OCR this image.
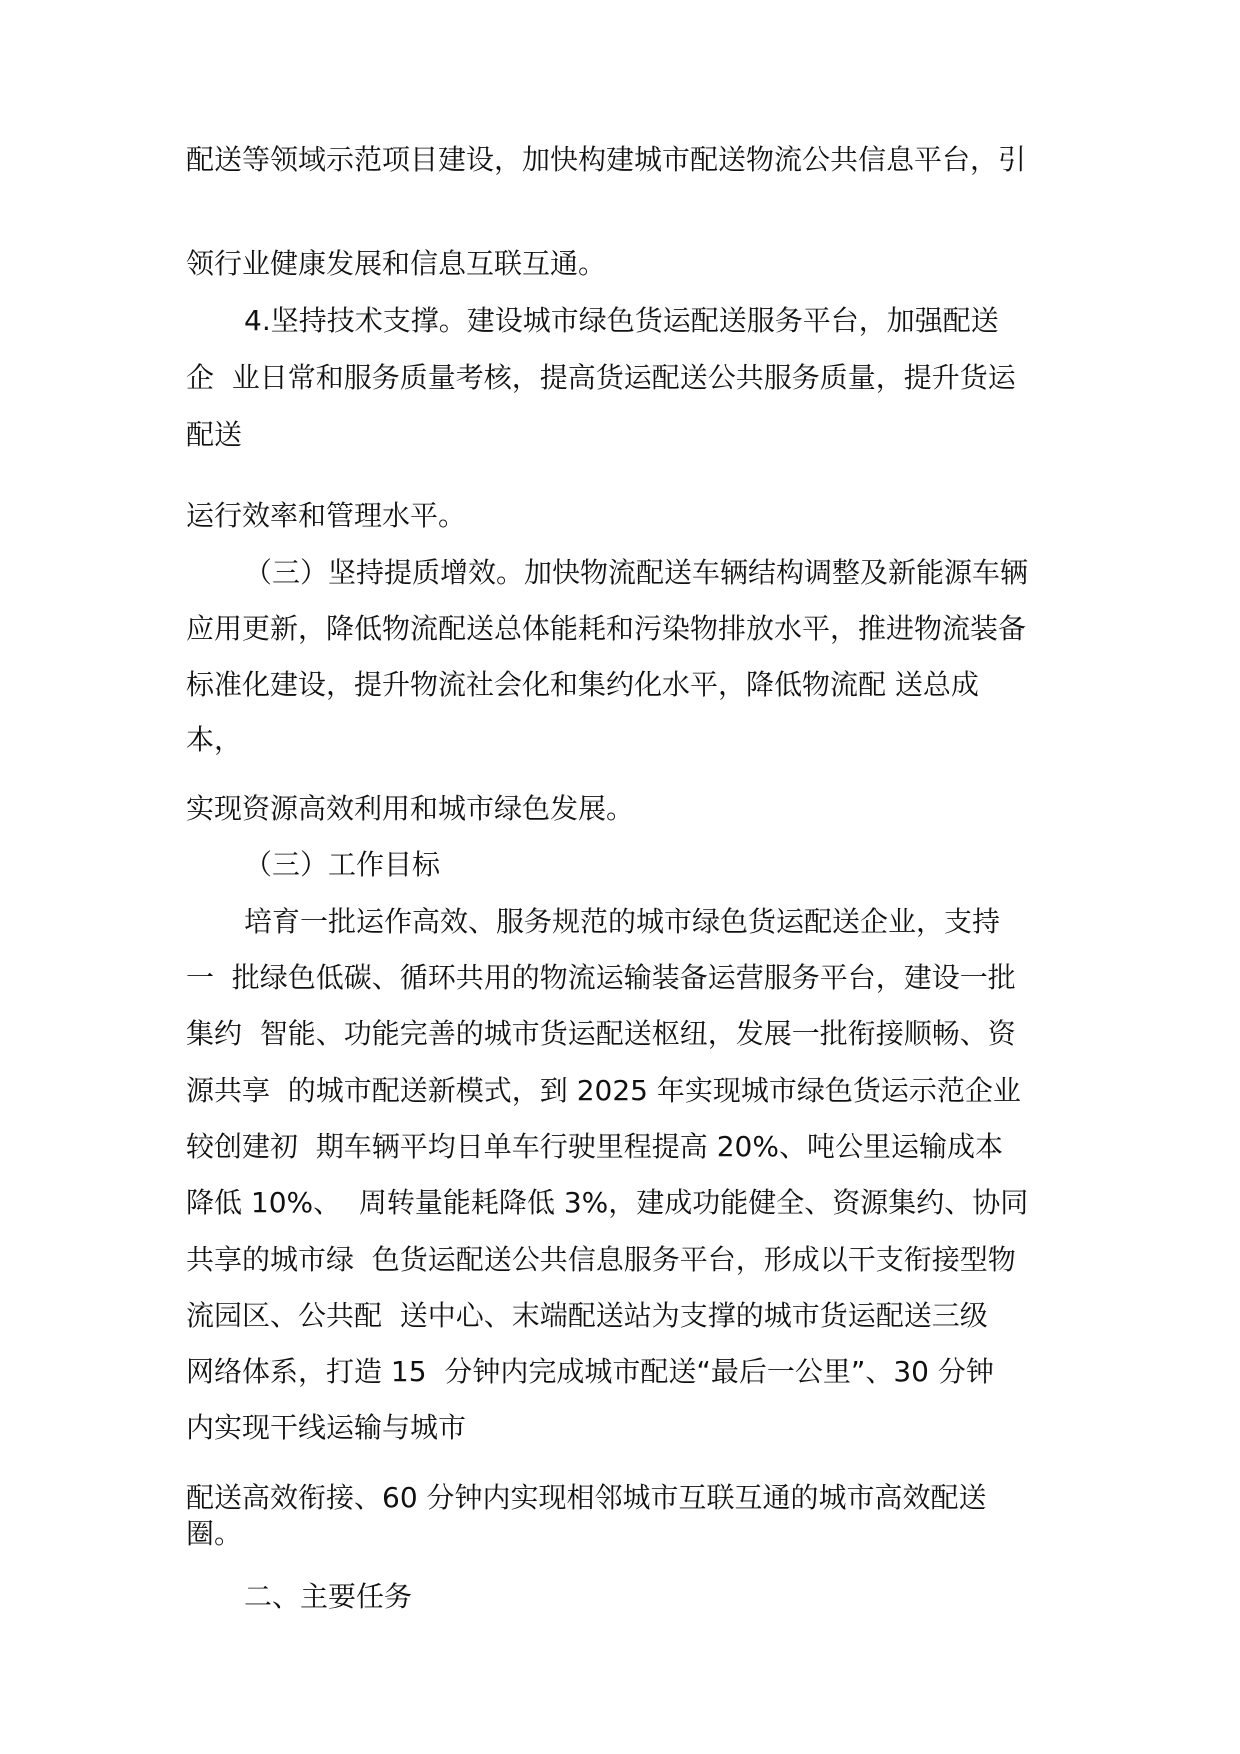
配送等领域示范项目建设，加快构建城市配送物流公共信息平台，引
领行业健康发展和信息互联互通。
4.坚持技术支撑。建设城市绿色货运配送服务平台，加强配送
企  业日常和服务质量考核，提高货运配送公共服务质量，提升货运
配送
运行效率和管理水平。
（三）坚持提质增效。加快物流配送车辆结构调整及新能源车辆
应用更新，降低物流配送总体能耗和污染物排放水平，推进物流装备
标准化建设，提升物流社会化和集约化水平，降低物流配 送总成
本，
实现资源高效利用和城市绿色发展。
（三）工作目标
培育一批运作高效、服务规范的城市绿色货运配送企业，支持
一  批绿色低碳、循环共用的物流运输装备运营服务平台，建设一批
集约  智能、功能完善的城市货运配送枢纽，发展一批衔接顺畅、资
源共享  的城市配送新模式，到 2025 年实现城市绿色货运示范企业
较创建初  期车辆平均日单车行驶里程提高 20%、吨公里运输成本
降低 10%、  周转量能耗降低 3%，建成功能健全、资源集约、协同
共享的城市绿  色货运配送公共信息服务平台，形成以干支衔接型物
流园区、公共配  送中心、末端配送站为支撑的城市货运配送三级
网络体系，打造 15  分钟内完成城市配送“最后一公里”、30 分钟
内实现干线运输与城市
配送高效衔接、60 分钟内实现相邻城市互联互通的城市高效配送
圈。
二、主要任务
